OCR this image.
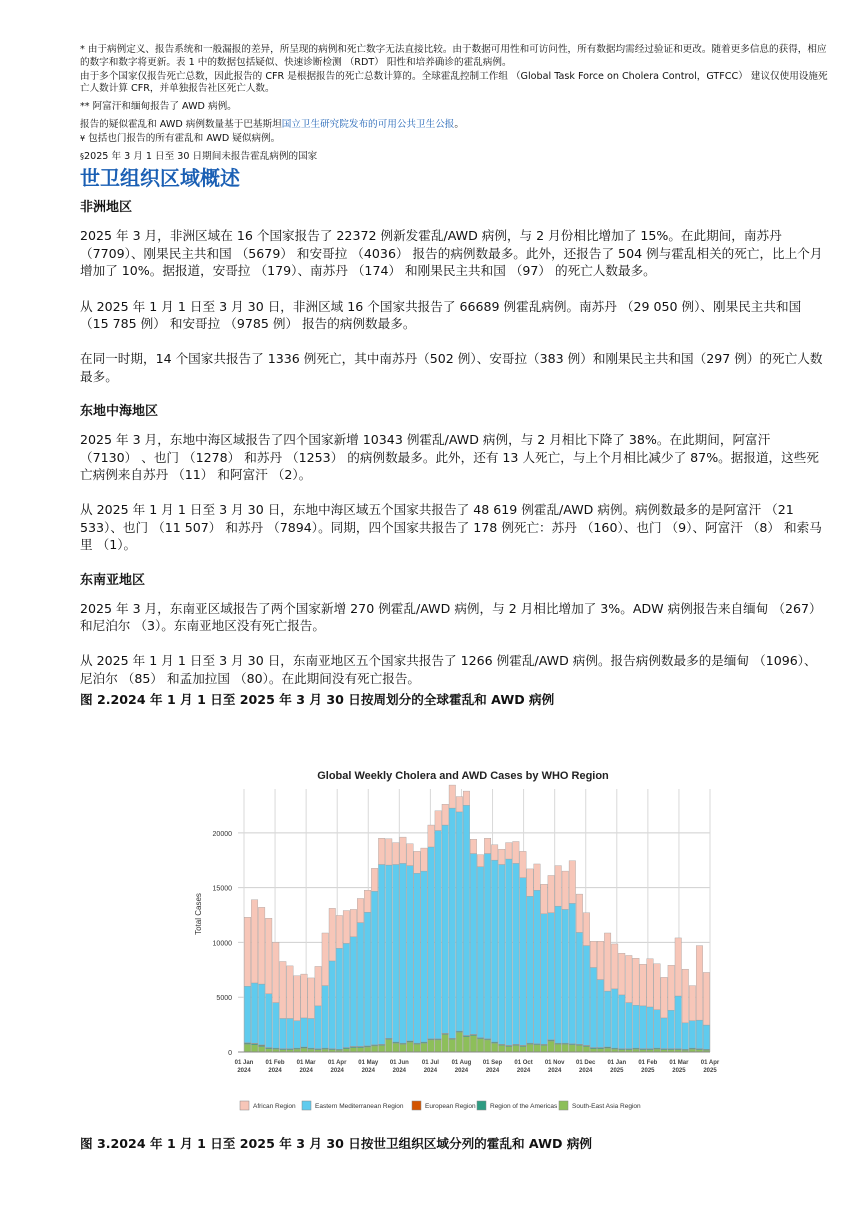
* 由于病例定义、报告系统和一般漏报的差异，所呈现的病例和死亡数字无法直接比较。由于数据可用性和可访问性，所有数据均需经过验证和更改。随着更多信息的获得，相应的数字和数字将更新。表 1 中的数据包括疑似、快速诊断检测 （RDT） 阳性和培养确诊的霍乱病例。

由于多个国家仅报告死亡总数，因此报告的 CFR 是根据报告的死亡总数计算的。全球霍乱控制工作组 （Global Task Force on Cholera Control，GTFCC） 建议仅使用设施死亡人数计算 CFR，并单独报告社区死亡人数。

** 阿富汗和缅甸报告了 AWD 病例。

报告的疑似霍乱和 AWD 病例数量基于巴基斯坦国立卫生研究院发布的可用公共卫生公报。

¥ 包括也门报告的所有霍乱和 AWD 疑似病例。

§2025 年 3 月 1 日至 30 日期间未报告霍乱病例的国家

世卫组织区域概述
非洲地区

2025 年 3 月，非洲区域在 16 个国家报告了 22372 例新发霍乱/AWD 病例，与 2 月份相比增加了 15%。在此期间，南苏丹 （7709）、刚果民主共和国 （5679） 和安哥拉 （4036） 报告的病例数最多。此外，还报告了 504 例与霍乱相关的死亡，比上个月增加了 10%。据报道，安哥拉 （179）、南苏丹 （174） 和刚果民主共和国 （97） 的死亡人数最多。

从 2025 年 1 月 1 日至 3 月 30 日，非洲区域 16 个国家共报告了 66689 例霍乱病例。南苏丹 （29 050 例）、刚果民主共和国 （15 785 例） 和安哥拉 （9785 例） 报告的病例数最多。

在同一时期，14 个国家共报告了 1336 例死亡，其中南苏丹（502 例）、安哥拉（383 例）和刚果民主共和国（297 例）的死亡人数最多。

东地中海地区

2025 年 3 月，东地中海区域报告了四个国家新增 10343 例霍乱/AWD 病例，与 2 月相比下降了 38%。在此期间，阿富汗 （7130） 、也门 （1278） 和苏丹 （1253） 的病例数最多。此外，还有 13 人死亡，与上个月相比减少了 87%。据报道，这些死亡病例来自苏丹 （11） 和阿富汗 （2）。

从 2025 年 1 月 1 日至 3 月 30 日，东地中海区域五个国家共报告了 48 619 例霍乱/AWD 病例。病例数最多的是阿富汗 （21 533）、也门 （11 507） 和苏丹 （7894）。同期，四个国家共报告了 178 例死亡：苏丹 （160）、也门 （9）、阿富汗 （8） 和索马里 （1）。

东南亚地区

2025 年 3 月，东南亚区域报告了两个国家新增 270 例霍乱/AWD 病例，与 2 月相比增加了 3%。ADW 病例报告来自缅甸 （267） 和尼泊尔 （3）。东南亚地区没有死亡报告。

从 2025 年 1 月 1 日至 3 月 30 日，东南亚地区五个国家共报告了 1266 例霍乱/AWD 病例。报告病例数最多的是缅甸 （1096）、尼泊尔 （85） 和孟加拉国 （80）。在此期间没有死亡报告。

图 2.2024 年 1 月 1 日至 2025 年 3 月 30 日按周划分的全球霍乱和 AWD 病例

Global Weekly Cholera and AWD Cases by WHO Region
0
5000
10000
15000
20000
01 Jan
2024
01 Feb
2024
01 Mar
2024
01 Apr
2024
01 May
2024
01 Jun
2024
01 Jul
2024
01 Aug
2024
01 Sep
2024
01 Oct
2024
01 Nov
2024
01 Dec
2024
01 Jan
2025
01 Feb
2025
01 Mar
2025
01 Apr
2025
Total Cases
African Region	Eastern Mediterranean Region	European Region Region of the Americas South-East Asia Region

图 3.2024 年 1 月 1 日至 2025 年 3 月 30 日按世卫组织区域分列的霍乱和 AWD 病例
